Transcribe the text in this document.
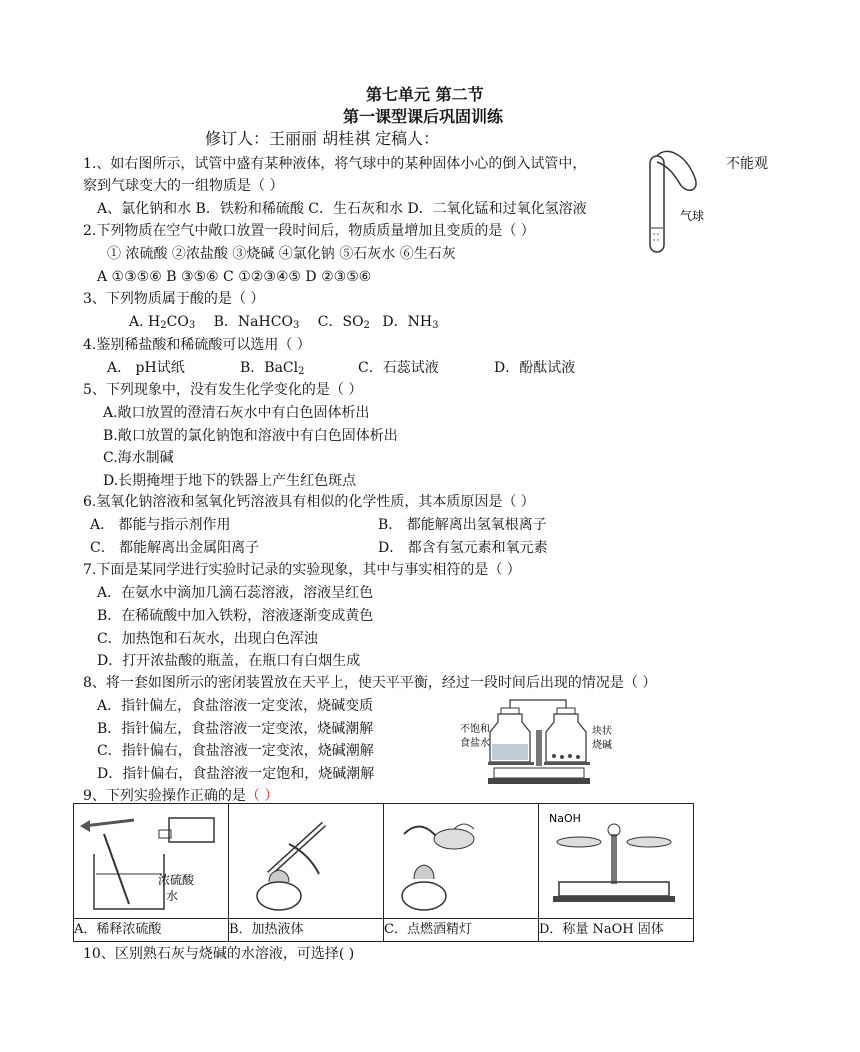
第七单元 第二节
第一课型课后巩固训练
修订人：王丽丽 胡桂祺 定稿人：
1.、如右图所示，试管中盛有某种液体，将气球中的某种固体小心的倒入试管中，	不能观
察到气球变大的一组物质是（ ）
A、氯化钠和水 B．铁粉和稀硫酸 C．生石灰和水 D．二氧化锰和过氧化氢溶液	气球
2.下列物质在空气中敞口放置一段时间后，物质质量增加且变质的是（ ）
① 浓硫酸 ②浓盐酸 ③烧碱 ④氯化钠 ⑤石灰水 ⑥生石灰
A ①③⑤⑥ B ③⑤⑥ C ①②③④⑤ D ②③⑤⑥
3、下列物质属于酸的是（ ）
A. $H_2CO_3$ B．NaHCO$_3$ C．$SO_2$ D．$NH_3$
4.鉴别稀盐酸和稀硫酸可以选用（ ）
A． pH试纸	B．BaCl$_2$	C．石蕊试液	D．酚酞试液
5、下列现象中，没有发生化学变化的是（ ）
A.敞口放置的澄清石灰水中有白色固体析出
B.敞口放置的氯化钠饱和溶液中有白色固体析出
C.海水制碱
D.长期掩埋于地下的铁器上产生红色斑点
6.氢氧化钠溶液和氢氧化钙溶液具有相似的化学性质，其本质原因是（ ）
A． 都能与指示剂作用	B． 都能解离出氢氧根离子
C． 都能解离出金属阳离子	D． 都含有氢元素和氧元素
7.下面是某同学进行实验时记录的实验现象，其中与事实相符的是（ ）
A．在氨水中滴加几滴石蕊溶液，溶液呈红色
B．在稀硫酸中加入铁粉，溶液逐渐变成黄色
C．加热饱和石灰水，出现白色浑浊
D．打开浓盐酸的瓶盖，在瓶口有白烟生成
8、将一套如图所示的密闭装置放在天平上，使天平平衡，经过一段时间后出现的情况是（ ）
A．指针偏左，食盐溶液一定变浓，烧碱变质
B．指针偏左，食盐溶液一定变浓，烧碱潮解
C．指针偏右，食盐溶液一定变浓，烧碱潮解
D．指针偏右，食盐溶液一定饱和，烧碱潮解
不饱和
食盐水
块状
烧碱
9、下列实验操作正确的是（ ）
浓硫酸
水			NaOH

A．稀释浓硫酸	B．加热液体	C．点燃酒精灯	D．称量 NaOH 固体
10、区别熟石灰与烧碱的水溶液，可选择( )
